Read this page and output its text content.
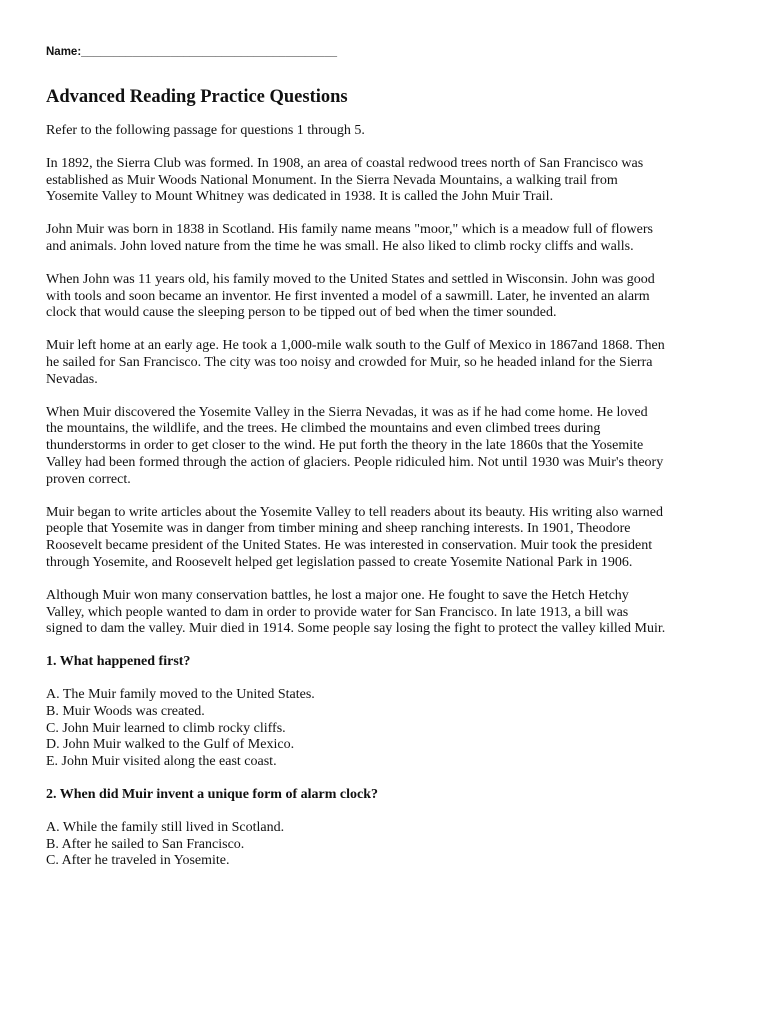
Name:________________________________________
Advanced Reading Practice Questions
Refer to the following passage for questions 1 through 5.
In 1892, the Sierra Club was formed. In 1908, an area of coastal redwood trees north of San Francisco was established as Muir Woods National Monument. In the Sierra Nevada Mountains, a walking trail from Yosemite Valley to Mount Whitney was dedicated in 1938. It is called the John Muir Trail.
John Muir was born in 1838 in Scotland. His family name means "moor," which is a meadow full of flowers and animals. John loved nature from the time he was small. He also liked to climb rocky cliffs and walls.
When John was 11 years old, his family moved to the United States and settled in Wisconsin. John was good with tools and soon became an inventor. He first invented a model of a sawmill. Later, he invented an alarm clock that would cause the sleeping person to be tipped out of bed when the timer sounded.
Muir left home at an early age. He took a 1,000-mile walk south to the Gulf of Mexico in 1867and 1868. Then he sailed for San Francisco. The city was too noisy and crowded for Muir, so he headed inland for the Sierra Nevadas.
When Muir discovered the Yosemite Valley in the Sierra Nevadas, it was as if he had come home. He loved the mountains, the wildlife, and the trees. He climbed the mountains and even climbed trees during thunderstorms in order to get closer to the wind. He put forth the theory in the late 1860s that the Yosemite Valley had been formed through the action of glaciers. People ridiculed him. Not until 1930 was Muir's theory proven correct.
Muir began to write articles about the Yosemite Valley to tell readers about its beauty. His writing also warned people that Yosemite was in danger from timber mining and sheep ranching interests. In 1901, Theodore Roosevelt became president of the United States. He was interested in conservation. Muir took the president through Yosemite, and Roosevelt helped get legislation passed to create Yosemite National Park in 1906.
Although Muir won many conservation battles, he lost a major one. He fought to save the Hetch Hetchy Valley, which people wanted to dam in order to provide water for San Francisco. In late 1913, a bill was signed to dam the valley. Muir died in 1914. Some people say losing the fight to protect the valley killed Muir.
1. What happened first?
A. The Muir family moved to the United States.
B. Muir Woods was created.
C. John Muir learned to climb rocky cliffs.
D. John Muir walked to the Gulf of Mexico.
E. John Muir visited along the east coast.
2. When did Muir invent a unique form of alarm clock?
A. While the family still lived in Scotland.
B. After he sailed to San Francisco.
C. After he traveled in Yosemite.
